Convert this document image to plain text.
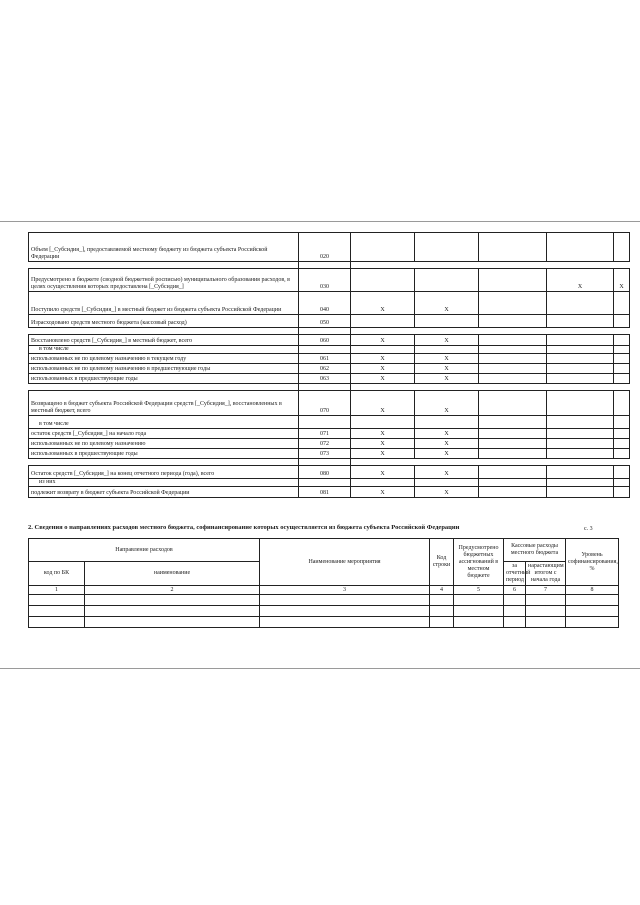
Объем [_Субсидия_], предоставляемой местному бюджету из бюджета субъекта Российской Федерации	020					

Предусмотрено в бюджете (сводной бюджетной росписью) муниципального образования расходов, в целях осуществления которых предоставлена [_Субсидия_]	030				X	X
Поступило средств [_Субсидия_] в местный бюджет из бюджета субъекта Российской Федерации	040	X	X			
Израсходовано средств местного бюджета (кассовый расход)	050					

Восстановлено средств [_Субсидия_] в местный бюджет, всего	060	X	X			
в том числе						
использованных не по целевому назначению в текущем году	061	X	X			
использованных не по целевому назначению в предшествующие годы	062	X	X			
использованных в предшествующие годы	063	X	X			

Возвращено в бюджет субъекта Российской Федерации средств [_Субсидия_], восстановленных в местный бюджет, всего	070	X	X			
в том числе						
остаток средств [_Субсидия_] на начало года	071	X	X			
использованных не по целевому назначению	072	X	X			
использованных в предшествующие годы	073	X	X			

Остаток средств [_Субсидия_] на конец отчетного периода (года), всего	080	X	X			
из них						
подлежит возврату в бюджет субъекта Российской Федерации	081	X	X			
2. Сведения о направлениях расходов местного бюджета, софинансирование которых осуществляется из бюджета субъекта Российской Федерации	с. 3
Направление расходов		Наименование мероприятия	Код строки	Предусмотрено бюджетных ассигнований в местном бюджете	Кассовые расходы местного бюджета		Уровень софинансирования, %	
код по БК	наименование				за отчетный период	нарастающим итогом с начала года		

1	2	3	4	5	6	7	8	
